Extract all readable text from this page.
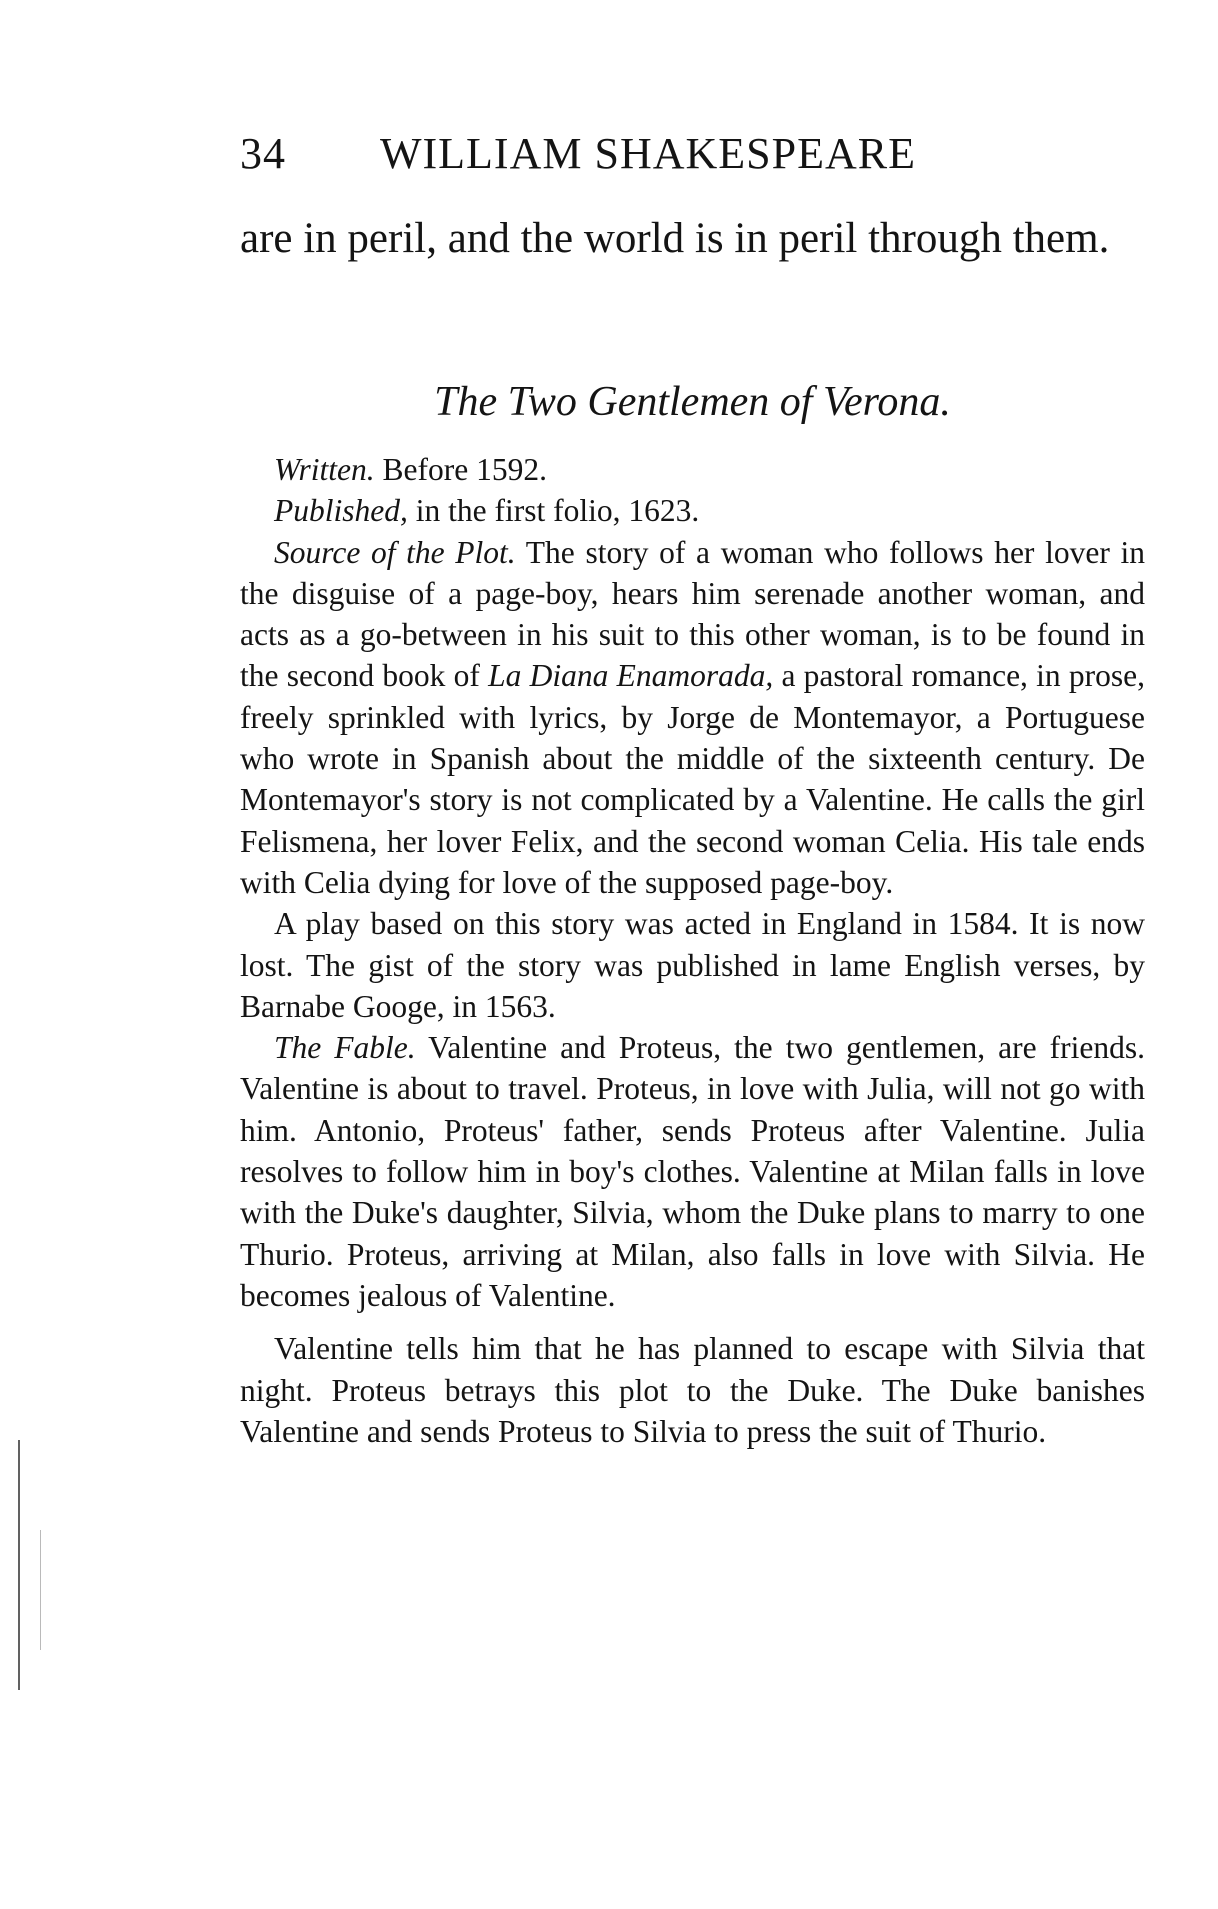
34 WILLIAM SHAKESPEARE
are in peril, and the world is in peril through them.
The Two Gentlemen of Verona.

Written. Before 1592.

Published, in the first folio, 1623.

Source of the Plot. The story of a woman who follows her lover in the disguise of a page-boy, hears him serenade another woman, and acts as a go-between in his suit to this other woman, is to be found in the second book of La Diana Enamorada, a pastoral romance, in prose, freely sprinkled with lyrics, by Jorge de Montemayor, a Portuguese who wrote in Spanish about the middle of the sixteenth century. De Montemayor's story is not complicated by a Valentine. He calls the girl Felismena, her lover Felix, and the second woman Celia. His tale ends with Celia dying for love of the supposed page-boy.

A play based on this story was acted in England in 1584. It is now lost. The gist of the story was published in lame English verses, by Barnabe Googe, in 1563.

The Fable. Valentine and Proteus, the two gentlemen, are friends. Valentine is about to travel. Proteus, in love with Julia, will not go with him. Antonio, Proteus' father, sends Proteus after Valentine. Julia resolves to follow him in boy's clothes. Valentine at Milan falls in love with the Duke's daughter, Silvia, whom the Duke plans to marry to one Thurio. Proteus, arriving at Milan, also falls in love with Silvia. He becomes jealous of Valentine.

Valentine tells him that he has planned to escape with Silvia that night. Proteus betrays this plot to the Duke. The Duke banishes Valentine and sends Proteus to Silvia to press the suit of Thurio.
